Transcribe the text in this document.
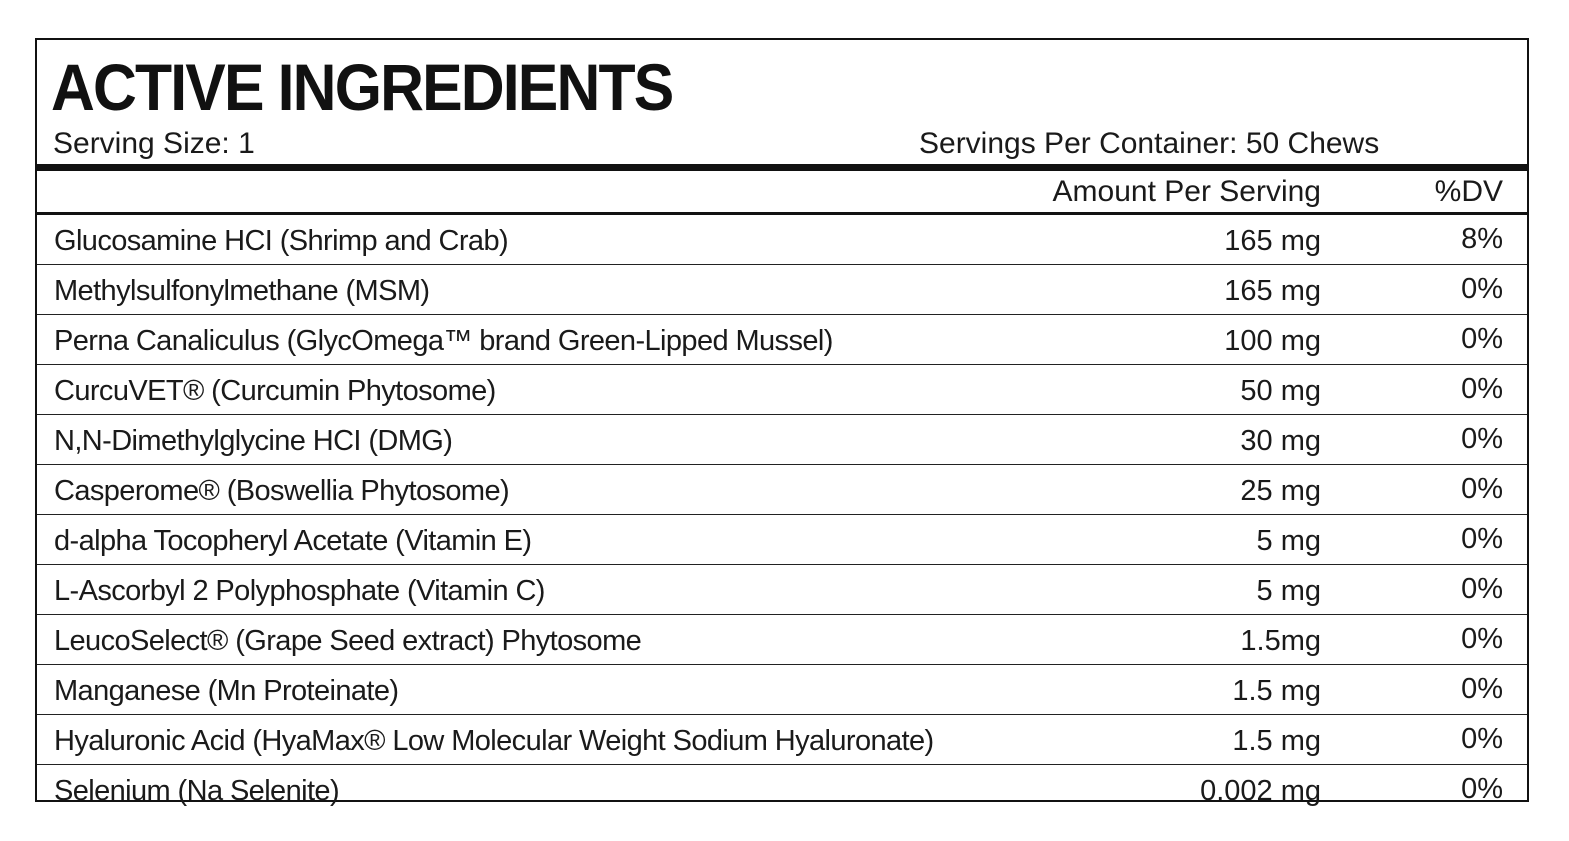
ACTIVE INGREDIENTS
Serving Size: 1	Servings Per Container: 50 Chews
Amount Per Serving	%DV
Glucosamine HCI (Shrimp and Crab)	165 mg	8%
Methylsulfonylmethane (MSM)	165 mg	0%
Perna Canaliculus (GlycOmega™ brand Green-Lipped Mussel)	100 mg	0%
CurcuVET® (Curcumin Phytosome)	50 mg	0%
N,N-Dimethylglycine HCI (DMG)	30 mg	0%
Casperome® (Boswellia Phytosome)	25 mg	0%
d-alpha Tocopheryl Acetate (Vitamin E)	5 mg	0%
L-Ascorbyl 2 Polyphosphate (Vitamin C)	5 mg	0%
LeucoSelect® (Grape Seed extract) Phytosome	1.5mg	0%
Manganese (Mn Proteinate)	1.5 mg	0%
Hyaluronic Acid (HyaMax® Low Molecular Weight Sodium Hyaluronate)	1.5 mg	0%
Selenium (Na Selenite)	0.002 mg	0%
